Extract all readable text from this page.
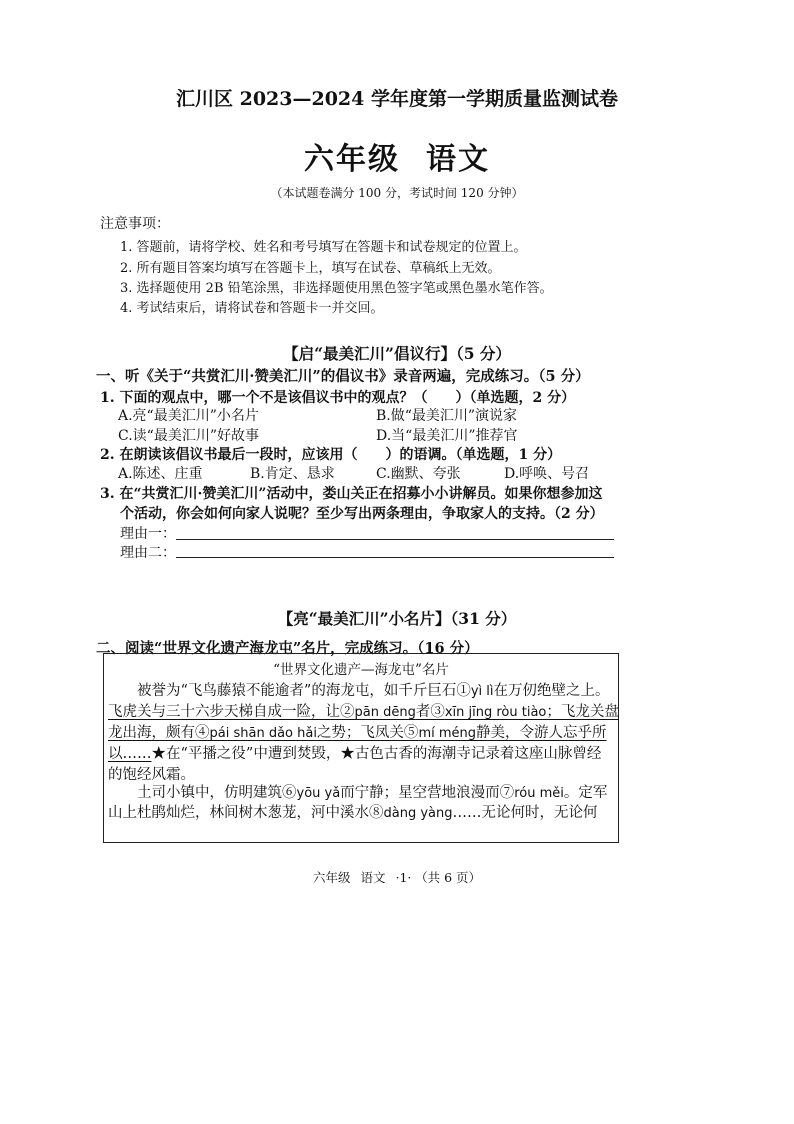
汇川区 2023—2024 学年度第一学期质量监测试卷
六年级 语文
（本试题卷满分 100 分，考试时间 120 分钟）
注意事项：
1. 答题前，请将学校、姓名和考号填写在答题卡和试卷规定的位置上。
2. 所有题目答案均填写在答题卡上，填写在试卷、草稿纸上无效。
3. 选择题使用 2B 铅笔涂黑，非选择题使用黑色签字笔或黑色墨水笔作答。
4. 考试结束后，请将试卷和答题卡一并交回。
【启“最美汇川”倡议行】（5 分）
一、听《关于“共赏汇川·赞美汇川”的倡议书》录音两遍，完成练习。（5 分）
1. 下面的观点中，哪一个不是该倡议书中的观点？（　　）（单选题，2 分）
A.亮“最美汇川”小名片	B.做“最美汇川”演说家
C.读“最美汇川”好故事	D.当“最美汇川”推荐官
2. 在朗读该倡议书最后一段时，应该用（　　）的语调。（单选题，1 分）
A.陈述、庄重	B.肯定、恳求	C.幽默、夸张	D.呼唤、号召
3. 在“共赏汇川·赞美汇川”活动中，娄山关正在招募小小讲解员。如果你想参加这
个活动，你会如何向家人说呢？至少写出两条理由，争取家人的支持。（2 分）
理由一：
理由二：
【亮“最美汇川”小名片】（31 分）
二、阅读“世界文化遗产海龙屯”名片，完成练习。（16 分）
“世界文化遗产—海龙屯”名片
被誉为“飞鸟藤猿不能逾者”的海龙屯，如千斤巨石①yì lì在万仞绝壁之上。
飞虎关与三十六步天梯自成一险，让②pān dēng者③xīn jīng ròu tiào；飞龙关盘
龙出海，颇有④pái shān dǎo hǎi之势；飞凤关⑤mí méng静美，令游人忘乎所
以……★在“平播之役”中遭到焚毁，★古色古香的海潮寺记录着这座山脉曾经
的饱经风霜。
土司小镇中，仿明建筑⑥yōu yǎ而宁静；星空营地浪漫而⑦róu měi。定军
山上杜鹃灿烂，林间树木葱茏，河中溪水⑧dàng yàng……无论何时，无论何
六年级 语文 ·1· （共 6 页）
